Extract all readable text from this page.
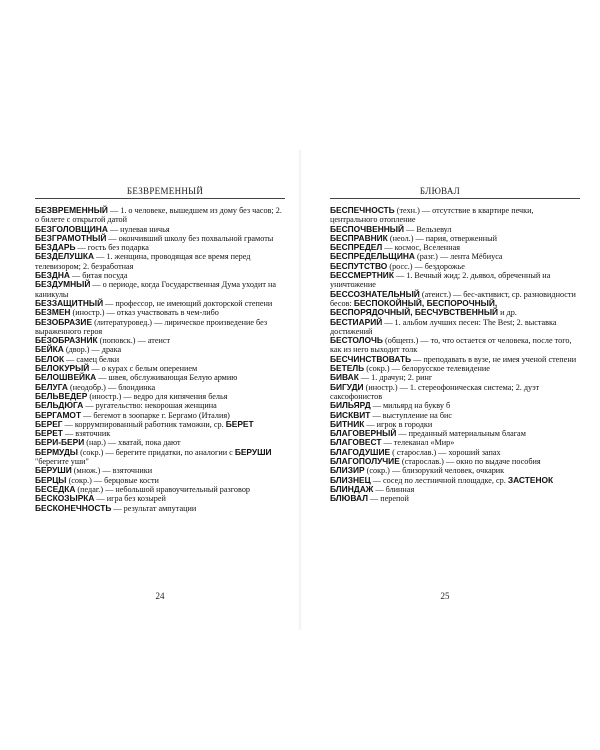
БЕЗВРЕМЕННЫЙ

БЕЗВРЕМЕННЫЙ — 1. о человеке, вышедшем из дому без часов; 2. о билете с открытой датой

БЕЗГОЛОВЩИНА — нулевая ничья

БЕЗГРАМОТНЫЙ — окончивший школу без похвальной грамоты

БЕЗДАРЬ — гость без подарка

БЕЗДЕЛУШКА — 1. женщина, проводящая все время перед телевизором; 2. безработная

БЕЗДНА — битая посуда

БЕЗДУМНЫЙ — о периоде, когда Государственная Дума уходит на каникулы

БЕЗЗАЩИТНЫЙ — профессор, не имеющий докторской степени

БЕЗМЕН (иностр.) — отказ участвовать в чем-либо

БЕЗОБРАЗИЕ (литературовед.) — лирическое произведение без выраженного героя

БЕЗОБРАЗНИК (поповск.) — атеист

БЕЙКА (двор.) — драка

БЕЛОК — самец белки

БЕЛОКУРЫЙ — о курах с белым оперением

БЕЛОШВЕЙКА — швея, обслуживающая Белую армию

БЕЛУГА (неодобр.) — блондинка

БЕЛЬВЕДЕР (иностр.) — ведро для кипячения белья

БЕЛЬДЮГА — ругательство: некорошая женщина

БЕРГАМОТ — бегемот в зоопарке г. Бергамо (Италия)

БЕРЕГ — коррумпированный работник таможни, ср. БЕРЕТ

БЕРЕТ — взяточник

БЕРИ-БЕРИ (нар.) — хватай, пока дают

БЕРМУДЫ (сокр.) — берегите придатки, по аналогии с БЕРУШИ "берегите уши"

БЕРУШИ (множ.) — взяточники

БЕРЦЫ (сокр.) — берцовые кости

БЕСЕДКА (педаг.) — небольшой нравоучительный разговор

БЕСКОЗЫРКА — игра без козырей

БЕСКОНЕЧНОСТЬ — результат ампутации

24
БЛЮВАЛ

БЕСПЕЧНОСТЬ (техн.) — отсутствие в квартире печки, центрального отопление

БЕСПОЧВЕННЫЙ — Вельзевул

БЕСПРАВНИК (неол.) — пария, отверженный

БЕСПРЕДЕЛ — космос, Вселенная

БЕСПРЕДЕЛЬЩИНА (разг.) — лента Мёбиуса

БЕСПУТСТВО (росс.) — бездорожье

БЕССМЕРТНИК — 1. Вечный жид; 2. дьявол, обреченный на уничтожение

БЕССОЗНАТЕЛЬНЫЙ (атеист.) — бес-активист, ср. разновидности бесов: БЕСПОКОЙНЫЙ, БЕСПОРОЧНЫЙ, БЕСПОРЯДОЧНЫЙ, БЕСЧУВСТВЕННЫЙ и др.

БЕСТИАРИЙ — 1. альбом лучших песен: The Best; 2. выставка достижений

БЕСТОЛОЧЬ (общепз.) — то, что остается от человека, после того, как из него выходит толк

БЕСЧИНСТВОВАТЬ — преподавать в вузе, не имея ученой степени

БЕТЕЛЬ (сокр.) — белорусское телевидение

БИВАК — 1. драчун; 2. ринг

БИГУДИ (иностр.) — 1. стереофоническая система; 2. дуэт саксофонистов

БИЛЬЯРД — мильярд на букву б

БИСКВИТ — выступление на бис

БИТНИК — игрок в городки

БЛАГОВЕРНЫЙ — преданный материальным благам

БЛАГОВЕСТ — телеканал «Мир»

БЛАГОДУШИЕ ( старослав.) — хороший запах

БЛАГОПОЛУЧИЕ (старослав.) — окно по выдаче пособия

БЛИЗИР (сокр.) — близорукий человек, очкарик

БЛИЗНЕЦ — сосед по лестничной площадке, ср. ЗАСТЕНОК

БЛИНДАЖ — блинная

БЛЮВАЛ — перепой

25
